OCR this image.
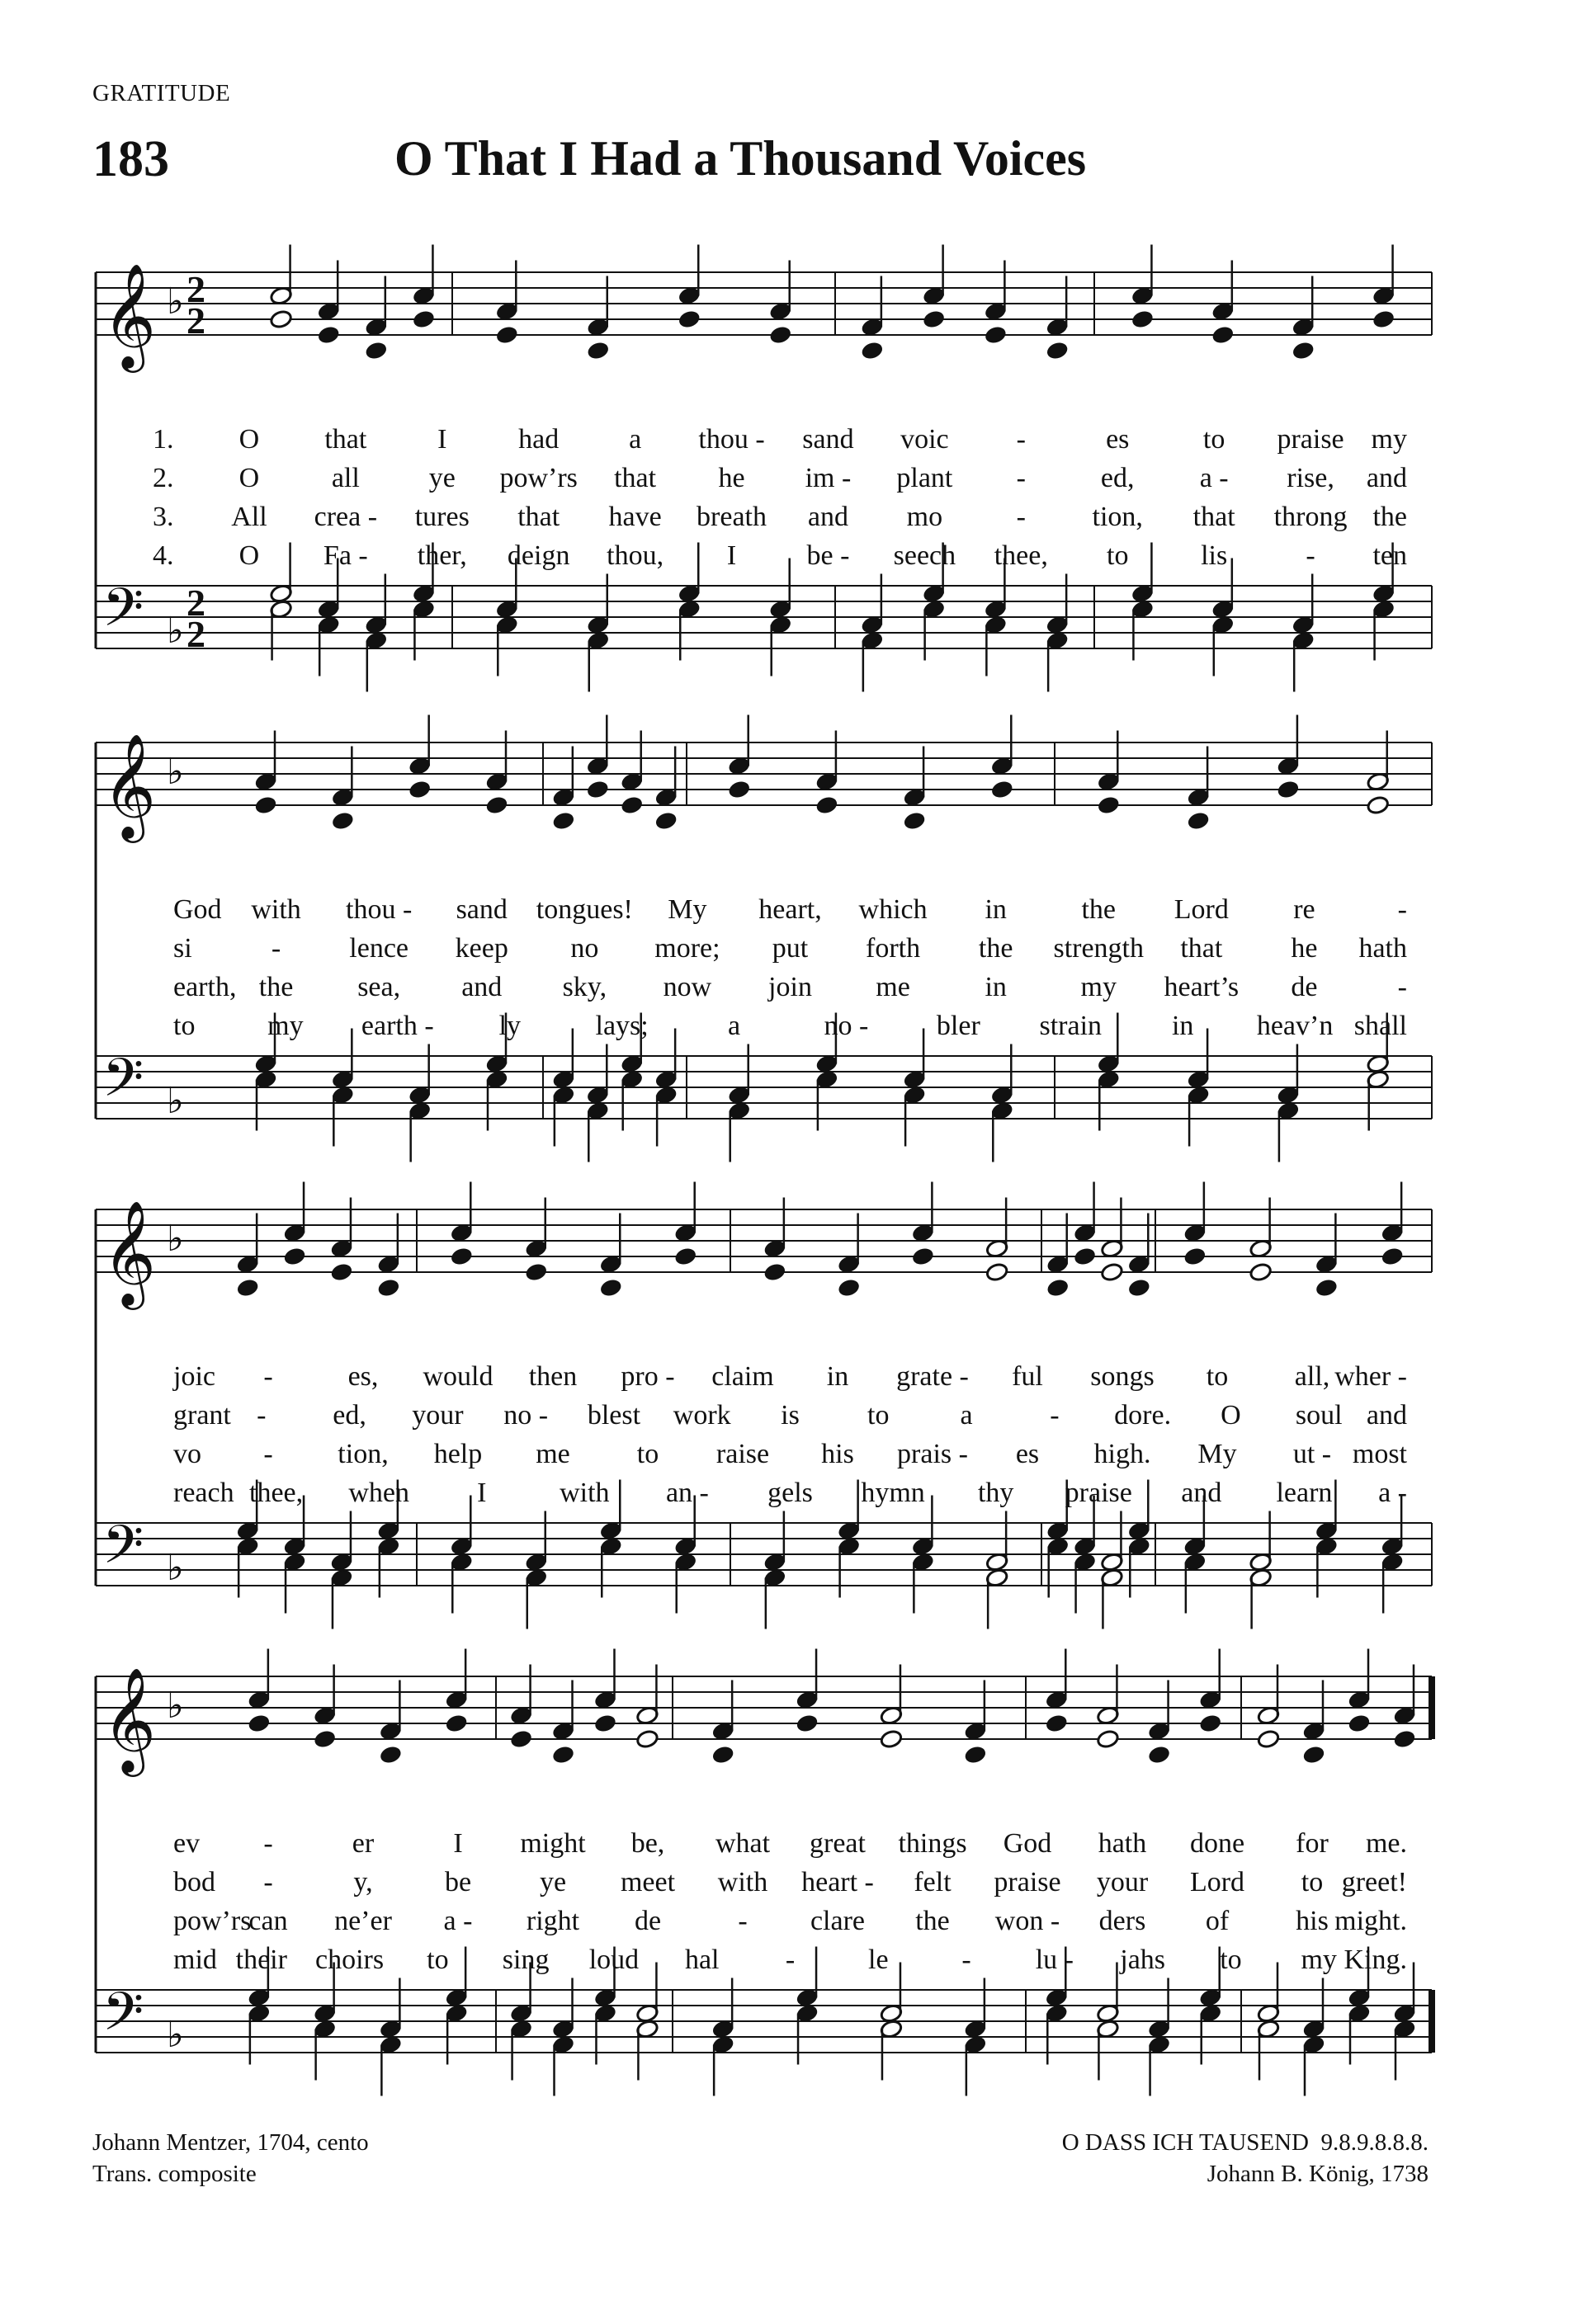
GRATITUDE
183	O That I Had a Thousand Voices
𝄞
𝄢
♭
♭
2
2
2
2
1. O that	I	had a thou - sand voic -	es	to praise my
2. O	all ye pow’rs that he im - plant -	ed, a - rise, and
3. All crea - tures that have breath and mo	- tion, that throng the
4. O Fa - ther, deign thou, I	be - seech thee, to	lis	- ten
𝄞
𝄢
♭
♭
God with thou - sand tongues! My heart, which in	the Lord re	-
si	- lence keep no more; put forth the strength that he hath
earth, the sea, and sky, now join me	in	my heart’s de	-
to	my earth - ly	lays;	a	no - bler strain in heav’n shall
𝄞
𝄢
♭
♭
joic -	es, would then pro - claim in grate - ful songs to all, wher -
grant - ed, your no - blest work is to	a	- dore. O soul and
vo - tion, help me to raise his prais - es high. My ut - most
reach thee, when I	with an - gels hymn thy praise and learn a -
𝄞
𝄢
♭
♭
ev -	er	I might be, what great things God hath done for me.
bod -	y,	be ye meet with heart - felt praise your Lord to greet!
pow’rs
can ne’er a - right de	- clare the won - ders of his might.
mid their choirs to sing loud hal -	le	- lu - jahs to my King.
Johann Mentzer, 1704, cento
Trans. composite
O DASS ICH TAUSEND 9.8.9.8.8.8.
Johann B. König, 1738
